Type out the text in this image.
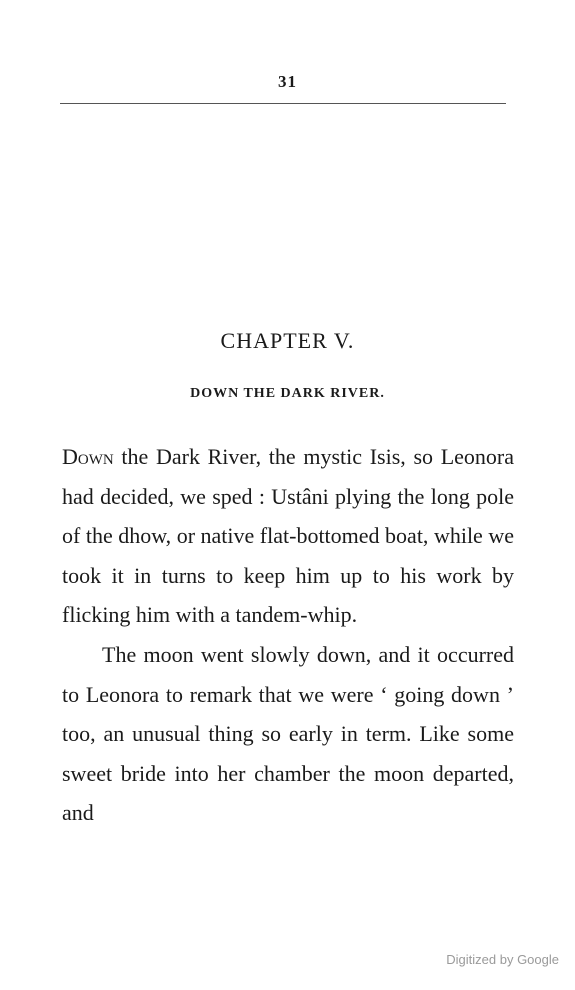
31
CHAPTER V.
DOWN THE DARK RIVER.

Down the Dark River, the mystic Isis, so Leonora had decided, we sped : Ustâni plying the long pole of the dhow, or native flat-bottomed boat, while we took it in turns to keep him up to his work by flicking him with a tandem-whip.

The moon went slowly down, and it occurred to Leonora to remark that we were ‘ going down ’ too, an unusual thing so early in term. Like some sweet bride into her chamber the moon departed, and

Digitized by Google
